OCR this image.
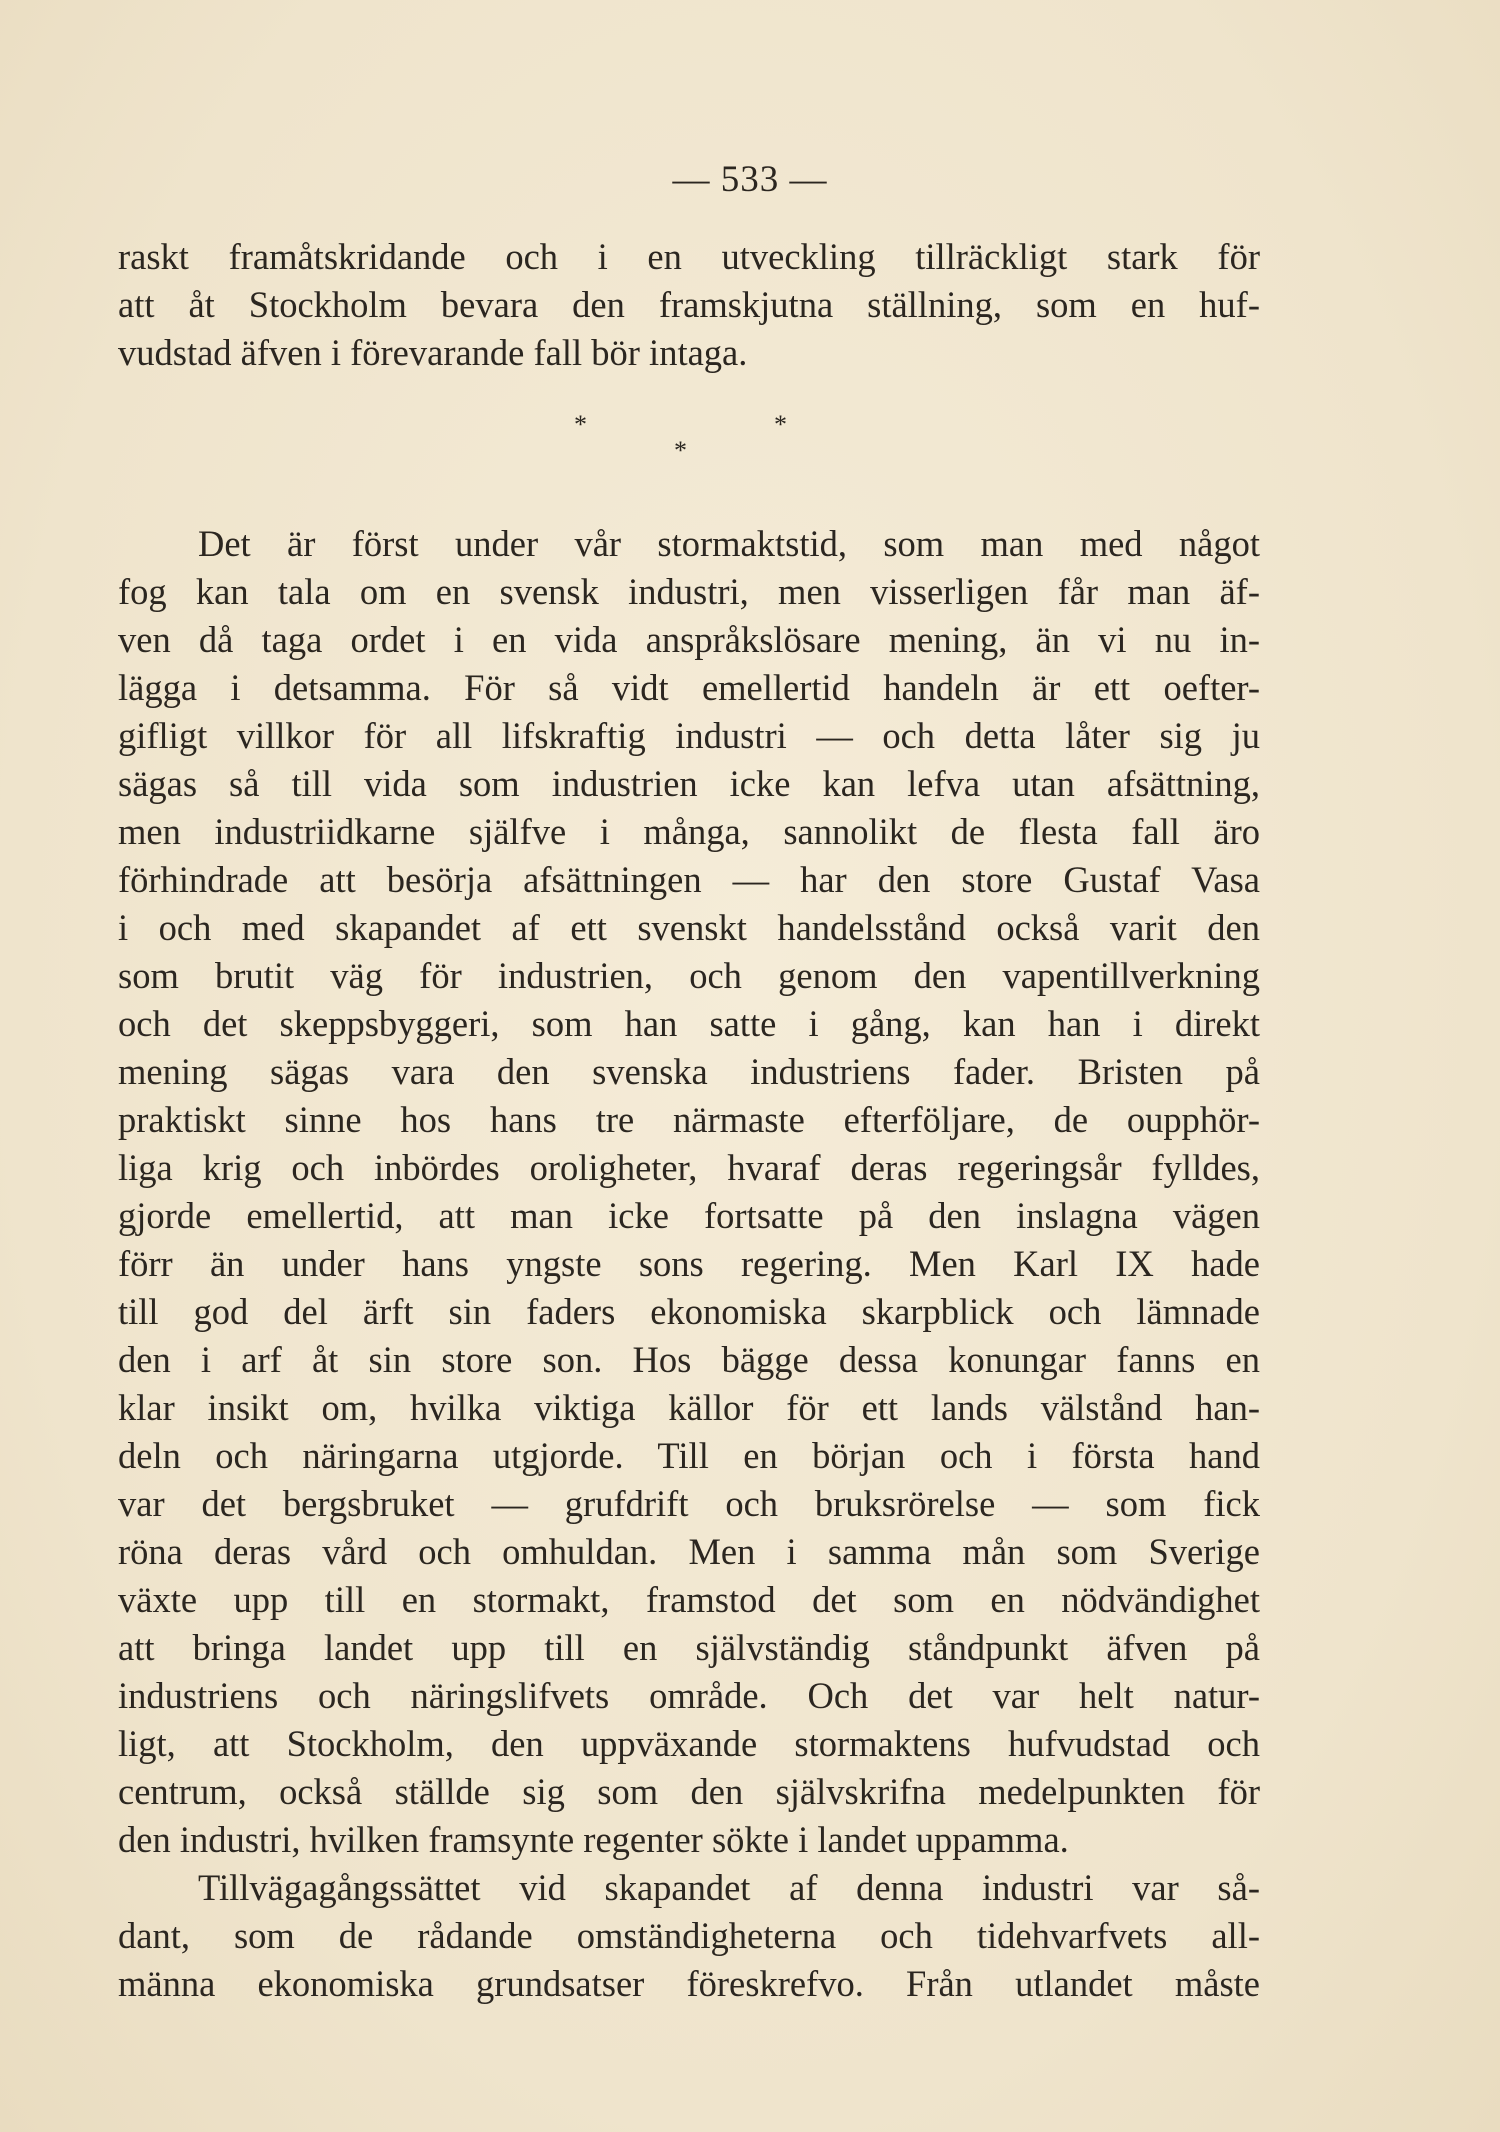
— 533 —
raskt framåtskridande och i en utveckling tillräckligt stark för
att åt Stockholm bevara den framskjutna ställning, som en huf-
vudstad äfven i förevarande fall bör intaga.
*
*
*
Det är först under vår stormaktstid, som man med något
fog kan tala om en svensk industri, men visserligen får man äf-
ven då taga ordet i en vida anspråkslösare mening, än vi nu in-
lägga i detsamma. För så vidt emellertid handeln är ett oefter-
gifligt villkor för all lifskraftig industri — och detta låter sig ju
sägas så till vida som industrien icke kan lefva utan afsättning,
men industriidkarne själfve i många, sannolikt de flesta fall äro
förhindrade att besörja afsättningen — har den store Gustaf Vasa
i och med skapandet af ett svenskt handelsstånd också varit den
som brutit väg för industrien, och genom den vapentillverkning
och det skeppsbyggeri, som han satte i gång, kan han i direkt
mening sägas vara den svenska industriens fader. Bristen på
praktiskt sinne hos hans tre närmaste efterföljare, de oupphör-
liga krig och inbördes oroligheter, hvaraf deras regeringsår fylldes,
gjorde emellertid, att man icke fortsatte på den inslagna vägen
förr än under hans yngste sons regering. Men Karl IX hade
till god del ärft sin faders ekonomiska skarpblick och lämnade
den i arf åt sin store son. Hos bägge dessa konungar fanns en
klar insikt om, hvilka viktiga källor för ett lands välstånd han-
deln och näringarna utgjorde. Till en början och i första hand
var det bergsbruket — grufdrift och bruksrörelse — som fick
röna deras vård och omhuldan. Men i samma mån som Sverige
växte upp till en stormakt, framstod det som en nödvändighet
att bringa landet upp till en självständig ståndpunkt äfven på
industriens och näringslifvets område. Och det var helt natur-
ligt, att Stockholm, den uppväxande stormaktens hufvudstad och
centrum, också ställde sig som den självskrifna medelpunkten för
den industri, hvilken framsynte regenter sökte i landet uppamma.
Tillvägagångssättet vid skapandet af denna industri var så-
dant, som de rådande omständigheterna och tidehvarfvets all-
männa ekonomiska grundsatser föreskrefvo. Från utlandet måste
